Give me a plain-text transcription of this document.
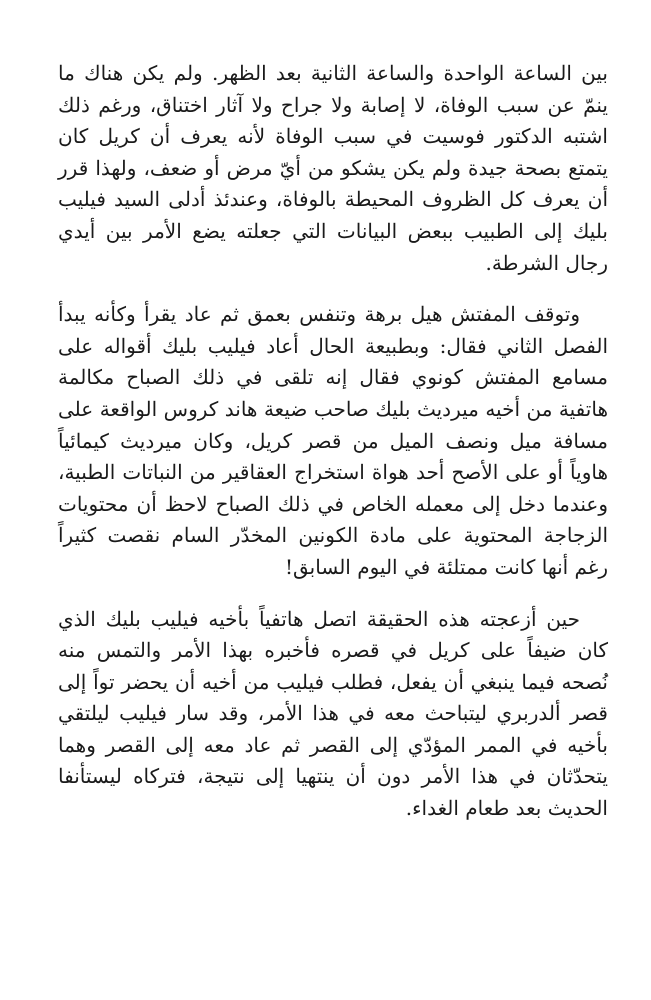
بين الساعة الواحدة والساعة الثانية بعد الظهر. ولم يكن هناك ما ينمّ عن سبب الوفاة، لا إصابة ولا جراح ولا آثار اختناق، ورغم ذلك اشتبه الدكتور فوسيت في سبب الوفاة لأنه يعرف أن كريل كان يتمتع بصحة جيدة ولم يكن يشكو من أيّ مرض أو ضعف، ولهذا قرر أن يعرف كل الظروف المحيطة بالوفاة، وعندئذ أدلى السيد فيليب بليك إلى الطبيب ببعض البيانات التي جعلته يضع الأمر بين أيدي رجال الشرطة.

وتوقف المفتش هيل برهة وتنفس بعمق ثم عاد يقرأ وكأنه يبدأ الفصل الثاني فقال: وبطبيعة الحال أعاد فيليب بليك أقواله على مسامع المفتش كونوي فقال إنه تلقى في ذلك الصباح مكالمة هاتفية من أخيه ميرديث بليك صاحب ضيعة هاند كروس الواقعة على مسافة ميل ونصف الميل من قصر كريل، وكان ميرديث كيمائياً هاوياً أو على الأصح أحد هواة استخراج العقاقير من النباتات الطبية، وعندما دخل إلى معمله الخاص في ذلك الصباح لاحظ أن محتويات الزجاجة المحتوية على مادة الكونين المخدّر السام نقصت كثيراً رغم أنها كانت ممتلئة في اليوم السابق!

حين أزعجته هذه الحقيقة اتصل هاتفياً بأخيه فيليب بليك الذي كان ضيفاً على كريل في قصره فأخبره بهذا الأمر والتمس منه نُصحه فيما ينبغي أن يفعل، فطلب فيليب من أخيه أن يحضر تواً إلى قصر ألدربري ليتباحث معه في هذا الأمر، وقد سار فيليب ليلتقي بأخيه في الممر المؤدّي إلى القصر ثم عاد معه إلى القصر وهما يتحدّثان في هذا الأمر دون أن ينتهيا إلى نتيجة، فتركاه ليستأنفا الحديث بعد طعام الغداء.
